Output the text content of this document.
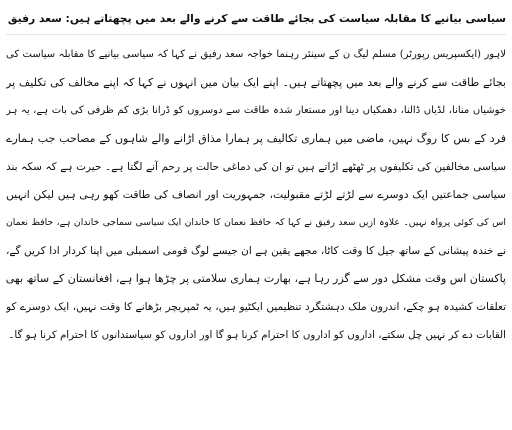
سیاسی بیانیے کا مقابلہ سیاست کی بجائے طاقت سے کرنے والے بعد میں پچھتاتے ہیں: سعد رفیق
لاہور (ایکسپریس رپورٹر) مسلم لیگ ن کے سینئر رہنما خواجہ سعد رفیق نے کہا کہ سیاسی بیانیے کا مقابلہ سیاست کی
بجائے طاقت سے کرنے والے بعد میں پچھتاتے ہیں۔ اپنے ایک بیان میں انہوں نے کہا کہ اپنے مخالف کی تکلیف پر
خوشیاں منانا، لڈیاں ڈالنا، دھمکیاں دینا اور مستعار شدہ طاقت سے دوسروں کو ڈرانا بڑی کم ظرفی کی بات ہے، یہ ہر
فرد کے بس کا روگ نہیں، ماضی میں ہماری تکالیف پر ہمارا مذاق اڑانے والے شاہوں کے مصاحب جب ہمارے
سیاسی مخالفین کی تکلیفوں پر ٹھٹھے اڑاتے ہیں تو ان کی دماغی حالت پر رحم آنے لگتا ہے۔ حیرت ہے کہ سکہ بند
سیاسی جماعتیں ایک دوسرے سے لڑتے لڑتے مقبولیت، جمہوریت اور انصاف کی طاقت کھو رہی ہیں لیکن انہیں
اس کی کوئی پرواہ نہیں۔ علاوہ ازیں سعد رفیق نے کہا کہ حافظ نعمان کا خاندان ایک سیاسی سماجی خاندان ہے، حافظ نعمان
نے خندہ پیشانی کے ساتھ جیل کا وقت کاٹا، مجھے یقین ہے ان جیسے لوگ قومی اسمبلی میں اپنا کردار ادا کریں گے،
پاکستان اس وقت مشکل دور سے گزر رہا ہے، بھارت ہماری سلامتی پر چڑھا ہوا ہے، افغانستان کے ساتھ بھی
تعلقات کشیدہ ہو چکے، اندرون ملک دہشتگرد تنظیمیں ایکٹیو ہیں، یہ ٹمپریچر بڑھانے کا وقت نہیں، ایک دوسرے کو
القابات دے کر نہیں چل سکتے، اداروں کو اداروں کا احترام کرنا ہو گا اور اداروں کو سیاستدانوں کا احترام کرنا ہو گا۔
